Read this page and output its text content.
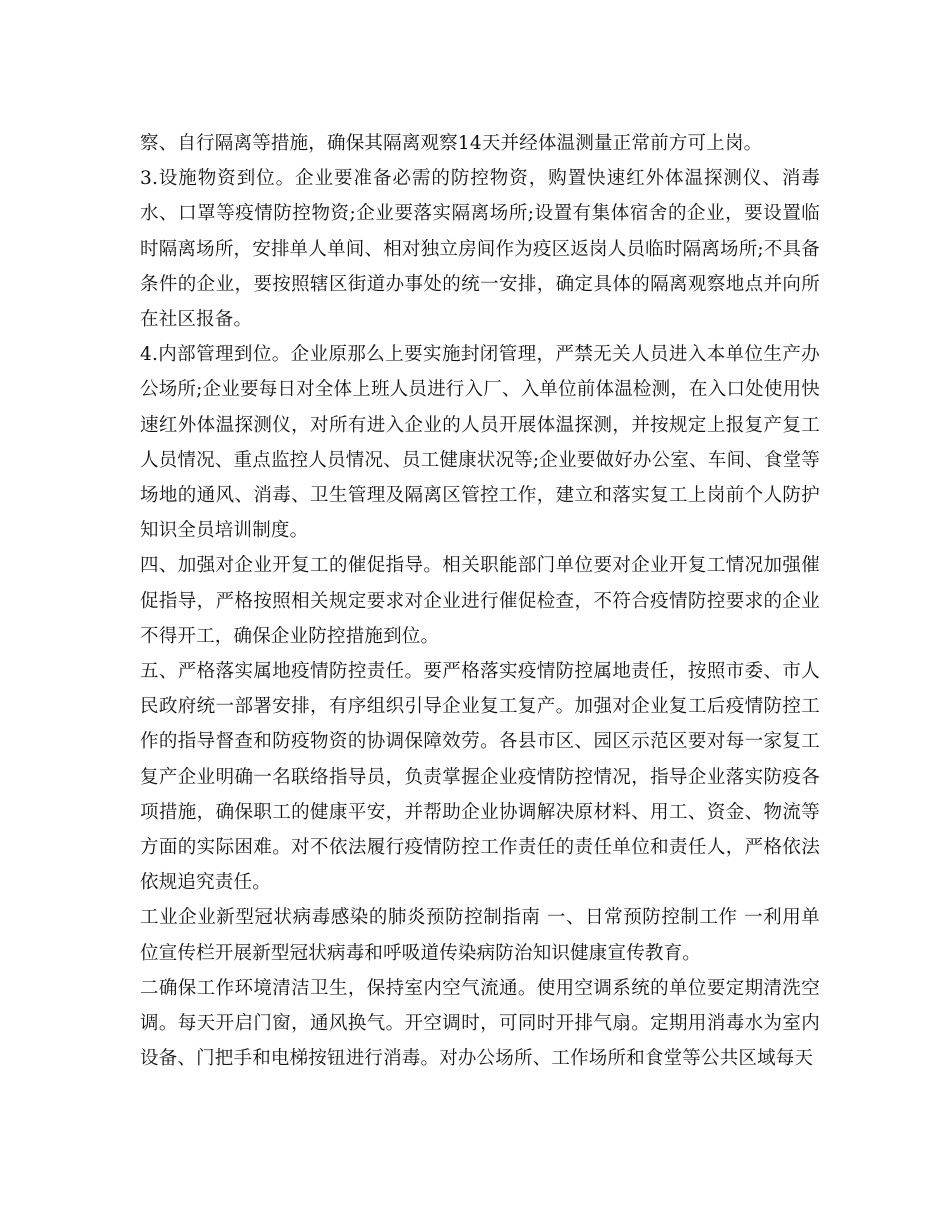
察、自行隔离等措施，确保其隔离观察14天并经体温测量正常前方可上岗。

3.设施物资到位。企业要准备必需的防控物资，购置快速红外体温探测仪、消毒水、口罩等疫情防控物资;企业要落实隔离场所;设置有集体宿舍的企业，要设置临时隔离场所，安排单人单间、相对独立房间作为疫区返岗人员临时隔离场所;不具备条件的企业，要按照辖区街道办事处的统一安排，确定具体的隔离观察地点并向所在社区报备。

4.内部管理到位。企业原那么上要实施封闭管理，严禁无关人员进入本单位生产办公场所;企业要每日对全体上班人员进行入厂、入单位前体温检测，在入口处使用快速红外体温探测仪，对所有进入企业的人员开展体温探测，并按规定上报复产复工人员情况、重点监控人员情况、员工健康状况等;企业要做好办公室、车间、食堂等场地的通风、消毒、卫生管理及隔离区管控工作，建立和落实复工上岗前个人防护知识全员培训制度。

四、加强对企业开复工的催促指导。相关职能部门单位要对企业开复工情况加强催促指导，严格按照相关规定要求对企业进行催促检查，不符合疫情防控要求的企业不得开工，确保企业防控措施到位。

五、严格落实属地疫情防控责任。要严格落实疫情防控属地责任，按照市委、市人民政府统一部署安排，有序组织引导企业复工复产。加强对企业复工后疫情防控工作的指导督查和防疫物资的协调保障效劳。各县市区、园区示范区要对每一家复工复产企业明确一名联络指导员，负责掌握企业疫情防控情况，指导企业落实防疫各项措施，确保职工的健康平安，并帮助企业协调解决原材料、用工、资金、物流等方面的实际困难。对不依法履行疫情防控工作责任的责任单位和责任人，严格依法依规追究责任。

工业企业新型冠状病毒感染的肺炎预防控制指南 一、日常预防控制工作 一利用单位宣传栏开展新型冠状病毒和呼吸道传染病防治知识健康宣传教育。

二确保工作环境清洁卫生，保持室内空气流通。使用空调系统的单位要定期清洗空调。每天开启门窗，通风换气。开空调时，可同时开排气扇。定期用消毒水为室内设备、门把手和电梯按钮进行消毒。对办公场所、工作场所和食堂等公共区域每天
